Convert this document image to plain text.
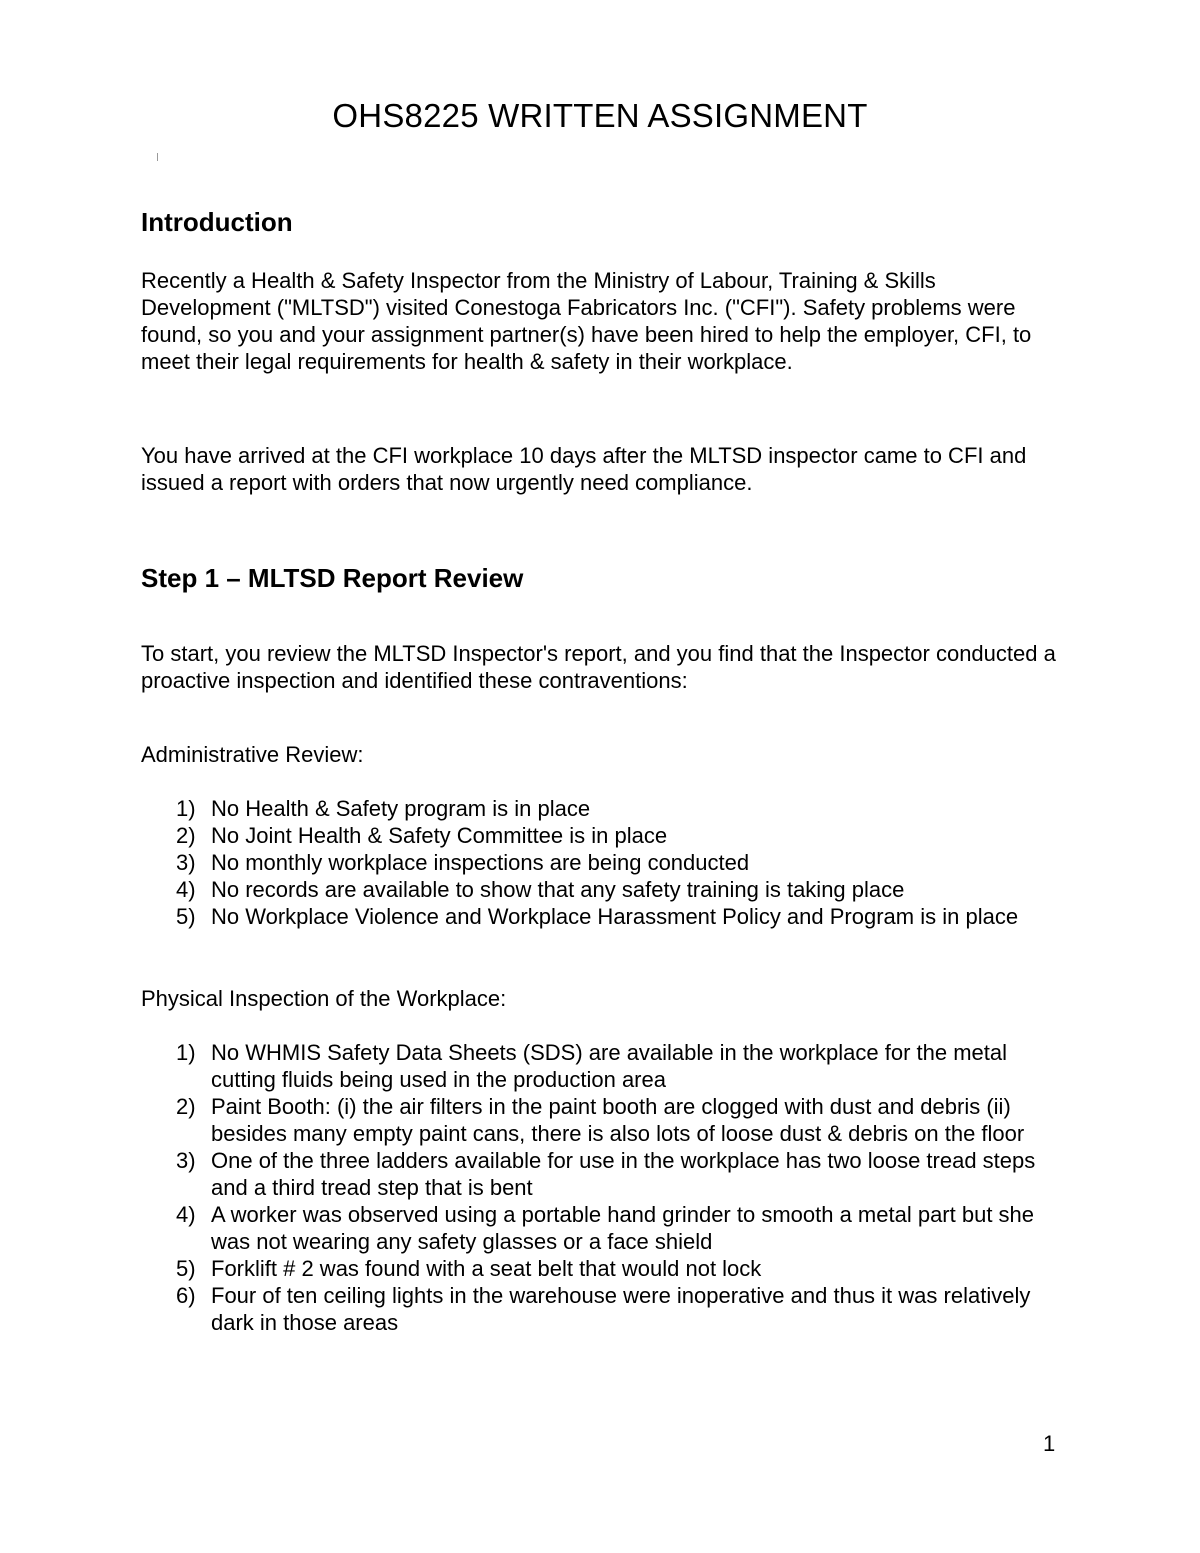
OHS8225 WRITTEN ASSIGNMENT
Introduction

Recently a Health & Safety Inspector from the Ministry of Labour, Training & Skills Development ("MLTSD") visited Conestoga Fabricators Inc. ("CFI"). Safety problems were found, so you and your assignment partner(s) have been hired to help the employer, CFI, to meet their legal requirements for health & safety in their workplace.

You have arrived at the CFI workplace 10 days after the MLTSD inspector came to CFI and issued a report with orders that now urgently need compliance.

Step 1 – MLTSD Report Review

To start, you review the MLTSD Inspector's report, and you find that the Inspector conducted a proactive inspection and identified these contraventions:

Administrative Review:
1) No Health & Safety program is in place
2) No Joint Health & Safety Committee is in place
3) No monthly workplace inspections are being conducted
4) No records are available to show that any safety training is taking place
5) No Workplace Violence and Workplace Harassment Policy and Program is in place
Physical Inspection of the Workplace:
1) No WHMIS Safety Data Sheets (SDS) are available in the workplace for the metal cutting fluids being used in the production area
2) Paint Booth: (i) the air filters in the paint booth are clogged with dust and debris (ii) besides many empty paint cans, there is also lots of loose dust & debris on the floor
3) One of the three ladders available for use in the workplace has two loose tread steps and a third tread step that is bent
4) A worker was observed using a portable hand grinder to smooth a metal part but she was not wearing any safety glasses or a face shield
5) Forklift # 2 was found with a seat belt that would not lock
6) Four of ten ceiling lights in the warehouse were inoperative and thus it was relatively dark in those areas
1
